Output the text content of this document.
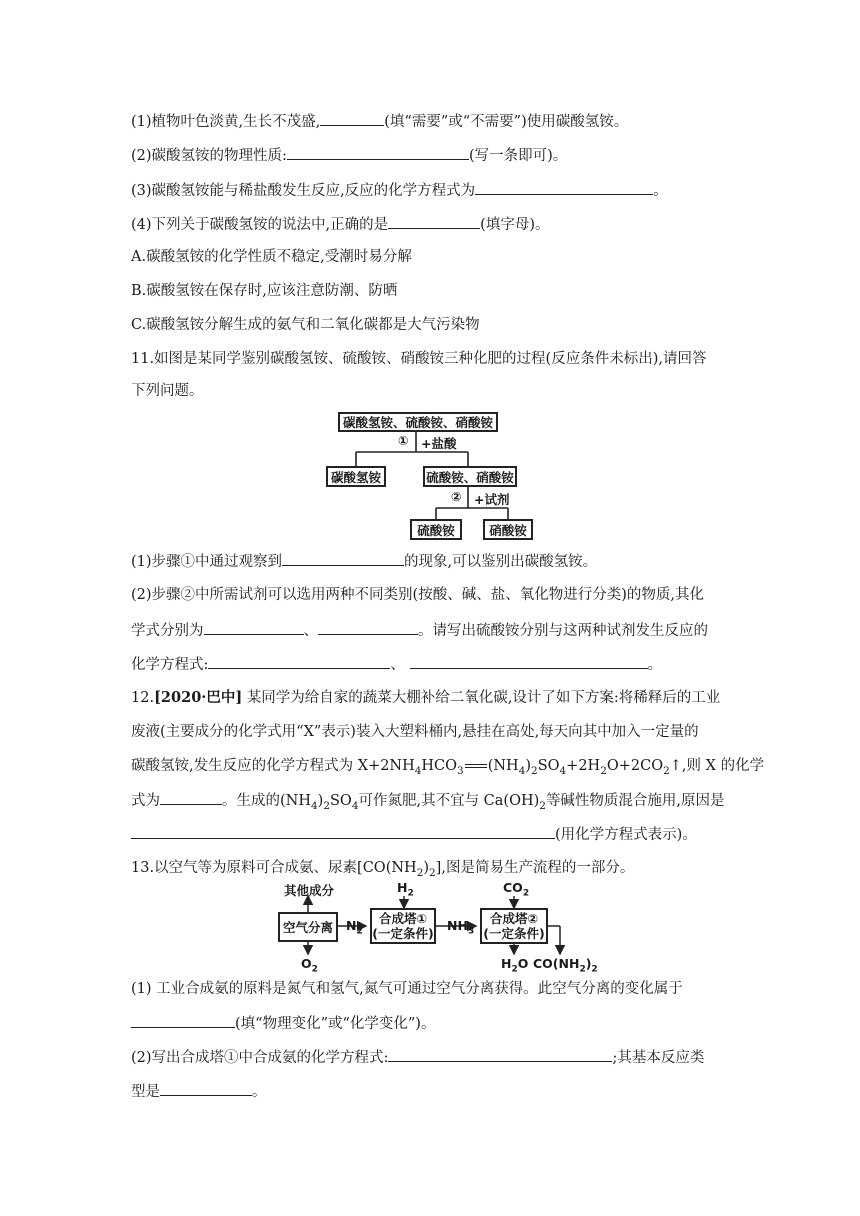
(1)植物叶色淡黄,生长不茂盛,	(填“需要”或“不需要”)使用碳酸氢铵。
(2)碳酸氢铵的物理性质:	(写一条即可)。
(3)碳酸氢铵能与稀盐酸发生反应,反应的化学方程式为	。
(4)下列关于碳酸氢铵的说法中,正确的是	(填字母)。
A.碳酸氢铵的化学性质不稳定,受潮时易分解
B.碳酸氢铵在保存时,应该注意防潮、防晒
C.碳酸氢铵分解生成的氨气和二氧化碳都是大气污染物
11.如图是某同学鉴别碳酸氢铵、硫酸铵、硝酸铵三种化肥的过程(反应条件未标出),请回答
下列问题。
碳酸氢铵、硫酸铵、硝酸铵
① +盐酸
碳酸氢铵	硫酸铵、硝酸铵
② +试剂
硫酸铵	硝酸铵
(1)步骤①中通过观察到	的现象,可以鉴别出碳酸氢铵。
(2)步骤②中所需试剂可以选用两种不同类别(按酸、碱、盐、氧化物进行分类)的物质,其化
学式分别为	、	。请写出硫酸铵分别与这两种试剂发生反应的
化学方程式:	、	。
12.[2020·巴中] 某同学为给自家的蔬菜大棚补给二氧化碳,设计了如下方案:将稀释后的工业
废液(主要成分的化学式用“X”表示)装入大塑料桶内,悬挂在高处,每天向其中加入一定量的
碳酸氢铵,发生反应的化学方程式为 $X+2NH_4HCO_3$ $(NH_4)_2SO_4+2H_2O+2CO_2↑$,则 X 的化学
式为	。生成的$(NH_4)_2SO_4$可作氮肥,其不宜与 $Ca(OH)_2$等碱性物质混合施用,原因是
(用化学方程式表示)。
13.以空气等为原料可合成氨、尿素$[CO(NH_2)_2]$,图是简易生产流程的一部分。
其他成分
空气分离
$O_2$
$N_2$
$H_2$
合成塔①
(一定条件)
$NH_3$
$CO_2$
合成塔②
(一定条件)
$H_2O$ $CO(NH_2)_2$
(1) 工业合成氨的原料是氮气和氢气,氮气可通过空气分离获得。此空气分离的变化属于
(填“物理变化”或“化学变化”)。
(2)写出合成塔①中合成氨的化学方程式:	;其基本反应类
型是	。
